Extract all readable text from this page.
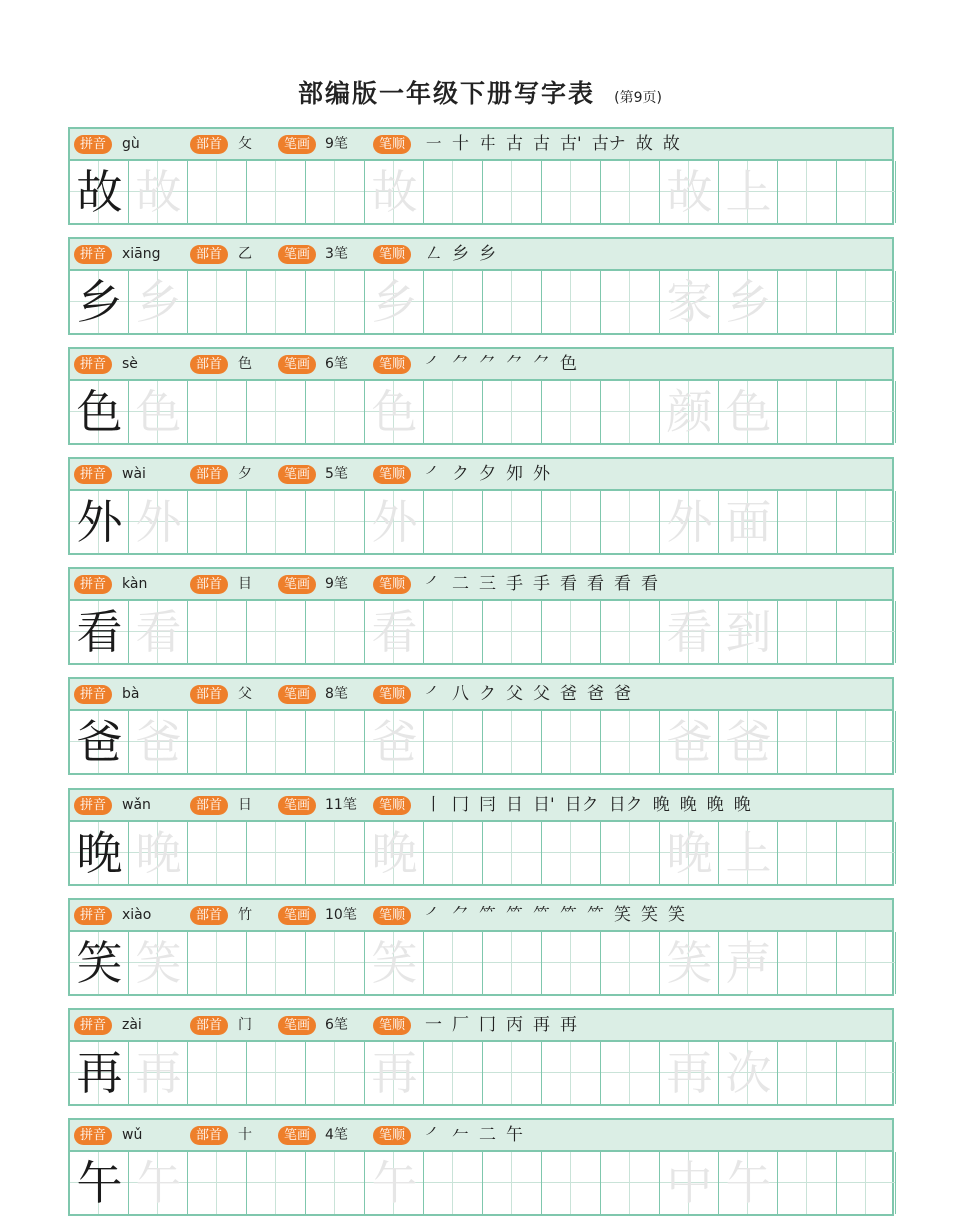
部编版一年级下册写字表 (第9页)
拼音	gù	部首	攵	笔画	9笔	笔顺	㇐ 十 㐄 古 古 古' 古ナ 故 故
故 故	故	故 上
拼音	xiāng	部首	乙	笔画	3笔	笔顺	㇜ 乡 乡
乡 乡	乡	家 乡
拼音	sè	部首	色	笔画	6笔	笔顺	㇒ ⺈ ⺈ ⺈ ⺈ 色
色 色	色	颜 色
拼音	wài	部首	夕	笔画	5笔	笔顺	㇒ ク 夕 夘 外
外 外	外	外 面
拼音	kàn	部首	目	笔画	9笔	笔顺	㇒ 二 三 手 手 看 看 看 看
看 看	看	看 到
拼音	bà	部首	父	笔画	8笔	笔顺	㇒ 八 ク 父 父 爸 爸 爸
爸 爸	爸	爸 爸
拼音	wǎn	部首	日	笔画	11笔	笔顺	丨 冂 冃 日 日' 日ク 日ク 晚 晚 晚 晚
晚 晚	晚	晚 上
拼音	xiào	部首	竹	笔画	10笔	笔顺	㇒ ⺈ ⺮ ⺮ ⺮ ⺮ ⺮ 笑 笑 笑
笑 笑	笑	笑 声
拼音	zài	部首	门	笔画	6笔	笔顺	一 厂 冂 丙 再 再
再 再	再	再 次
拼音	wǔ	部首	十	笔画	4笔	笔顺	㇒ 𠂉 二 午
午 午	午	中 午
